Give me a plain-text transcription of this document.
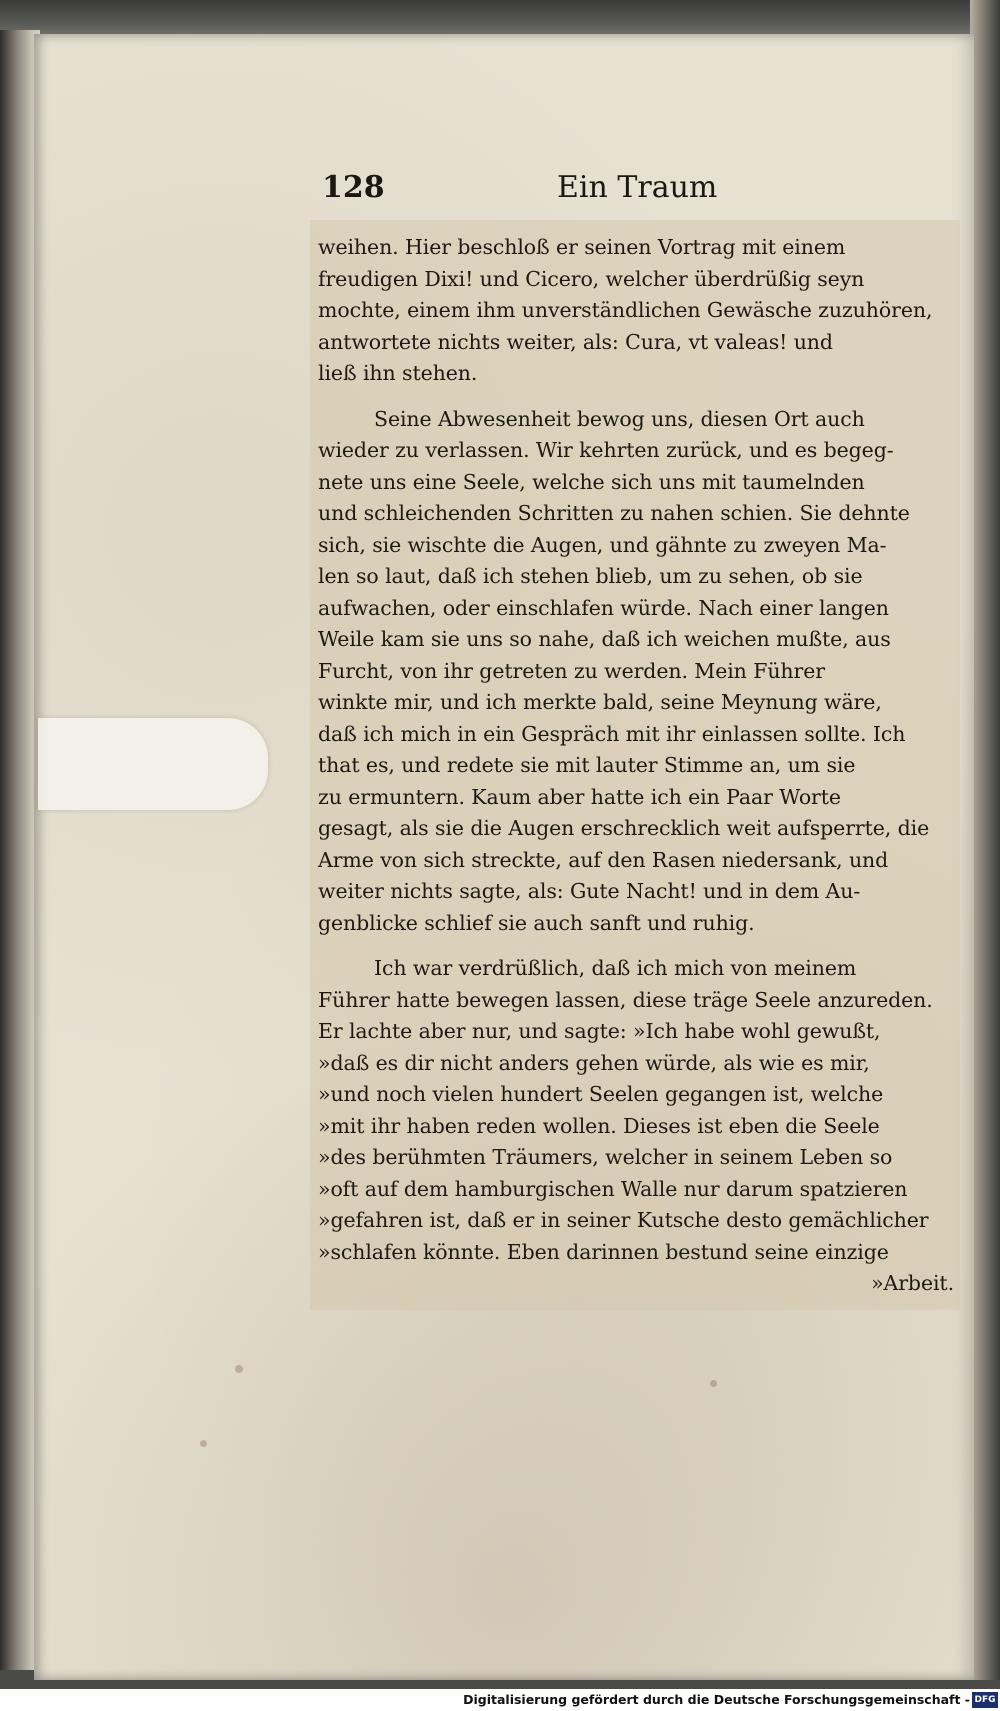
128	Ein Traum

weihen. Hier beschloß er seinen Vortrag mit einem
freudigen Dixi! und Cicero, welcher überdrüßig seyn
mochte, einem ihm unverständlichen Gewäsche zuzuhören,
antwortete nichts weiter, als: Cura, vt valeas! und
ließ ihn stehen.

Seine Abwesenheit bewog uns, diesen Ort auch
wieder zu verlassen. Wir kehrten zurück, und es begeg-
nete uns eine Seele, welche sich uns mit taumelnden
und schleichenden Schritten zu nahen schien. Sie dehnte
sich, sie wischte die Augen, und gähnte zu zweyen Ma-
len so laut, daß ich stehen blieb, um zu sehen, ob sie
aufwachen, oder einschlafen würde. Nach einer langen
Weile kam sie uns so nahe, daß ich weichen mußte, aus
Furcht, von ihr getreten zu werden. Mein Führer
winkte mir, und ich merkte bald, seine Meynung wäre,
daß ich mich in ein Gespräch mit ihr einlassen sollte. Ich
that es, und redete sie mit lauter Stimme an, um sie
zu ermuntern. Kaum aber hatte ich ein Paar Worte
gesagt, als sie die Augen erschrecklich weit aufsperrte, die
Arme von sich streckte, auf den Rasen niedersank, und
weiter nichts sagte, als: Gute Nacht! und in dem Au-
genblicke schlief sie auch sanft und ruhig.

Ich war verdrüßlich, daß ich mich von meinem
Führer hatte bewegen lassen, diese träge Seele anzureden.
Er lachte aber nur, und sagte: »Ich habe wohl gewußt,
»daß es dir nicht anders gehen würde, als wie es mir,
»und noch vielen hundert Seelen gegangen ist, welche
»mit ihr haben reden wollen. Dieses ist eben die Seele
»des berühmten Träumers, welcher in seinem Leben so
»oft auf dem hamburgischen Walle nur darum spatzieren
»gefahren ist, daß er in seiner Kutsche desto gemächlicher
»schlafen könnte. Eben darinnen bestund seine einzige

»Arbeit.
Digitalisierung gefördert durch die Deutsche Forschungsgemeinschaft - DFG
